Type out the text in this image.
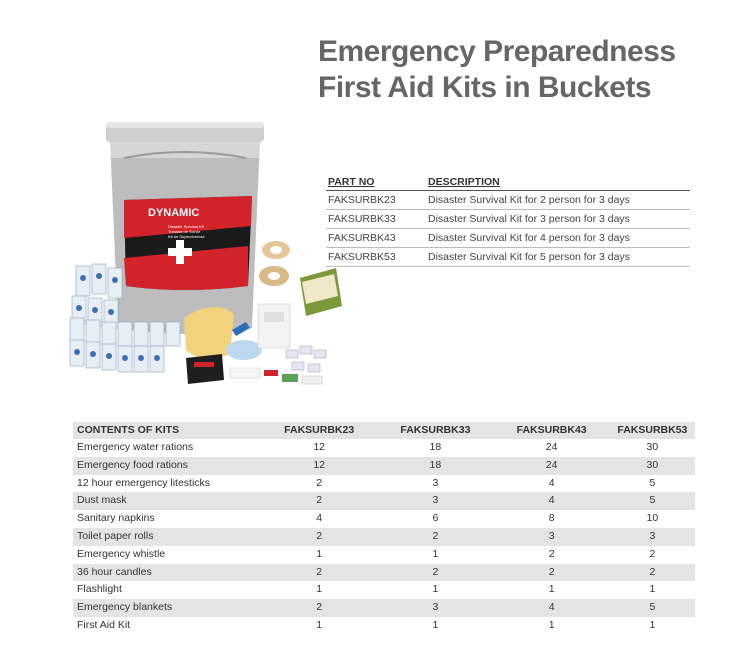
Emergency Preparedness
First Aid Kits in Buckets
DYNAMIC
Disaster Survival Kit
Trousse de Survie
Kit de Supervivencia
PART NO	DESCRIPTION
FAKSURBK23	Disaster Survival Kit for 2 person for 3 days
FAKSURBK33	Disaster Survival Kit for 3 person for 3 days
FAKSURBK43	Disaster Survival Kit for 4 person for 3 days
FAKSURBK53	Disaster Survival Kit for 5 person for 3 days
CONTENTS OF KITS	FAKSURBK23	FAKSURBK33	FAKSURBK43	FAKSURBK53
Emergency water rations	12	18	24	30
Emergency food rations	12	18	24	30
12 hour emergency litesticks	2	3	4	5
Dust mask	2	3	4	5
Sanitary napkins	4	6	8	10
Toilet paper rolls	2	2	3	3
Emergency whistle	1	1	2	2
36 hour candles	2	2	2	2
Flashlight	1	1	1	1
Emergency blankets	2	3	4	5
First Aid Kit	1	1	1	1
